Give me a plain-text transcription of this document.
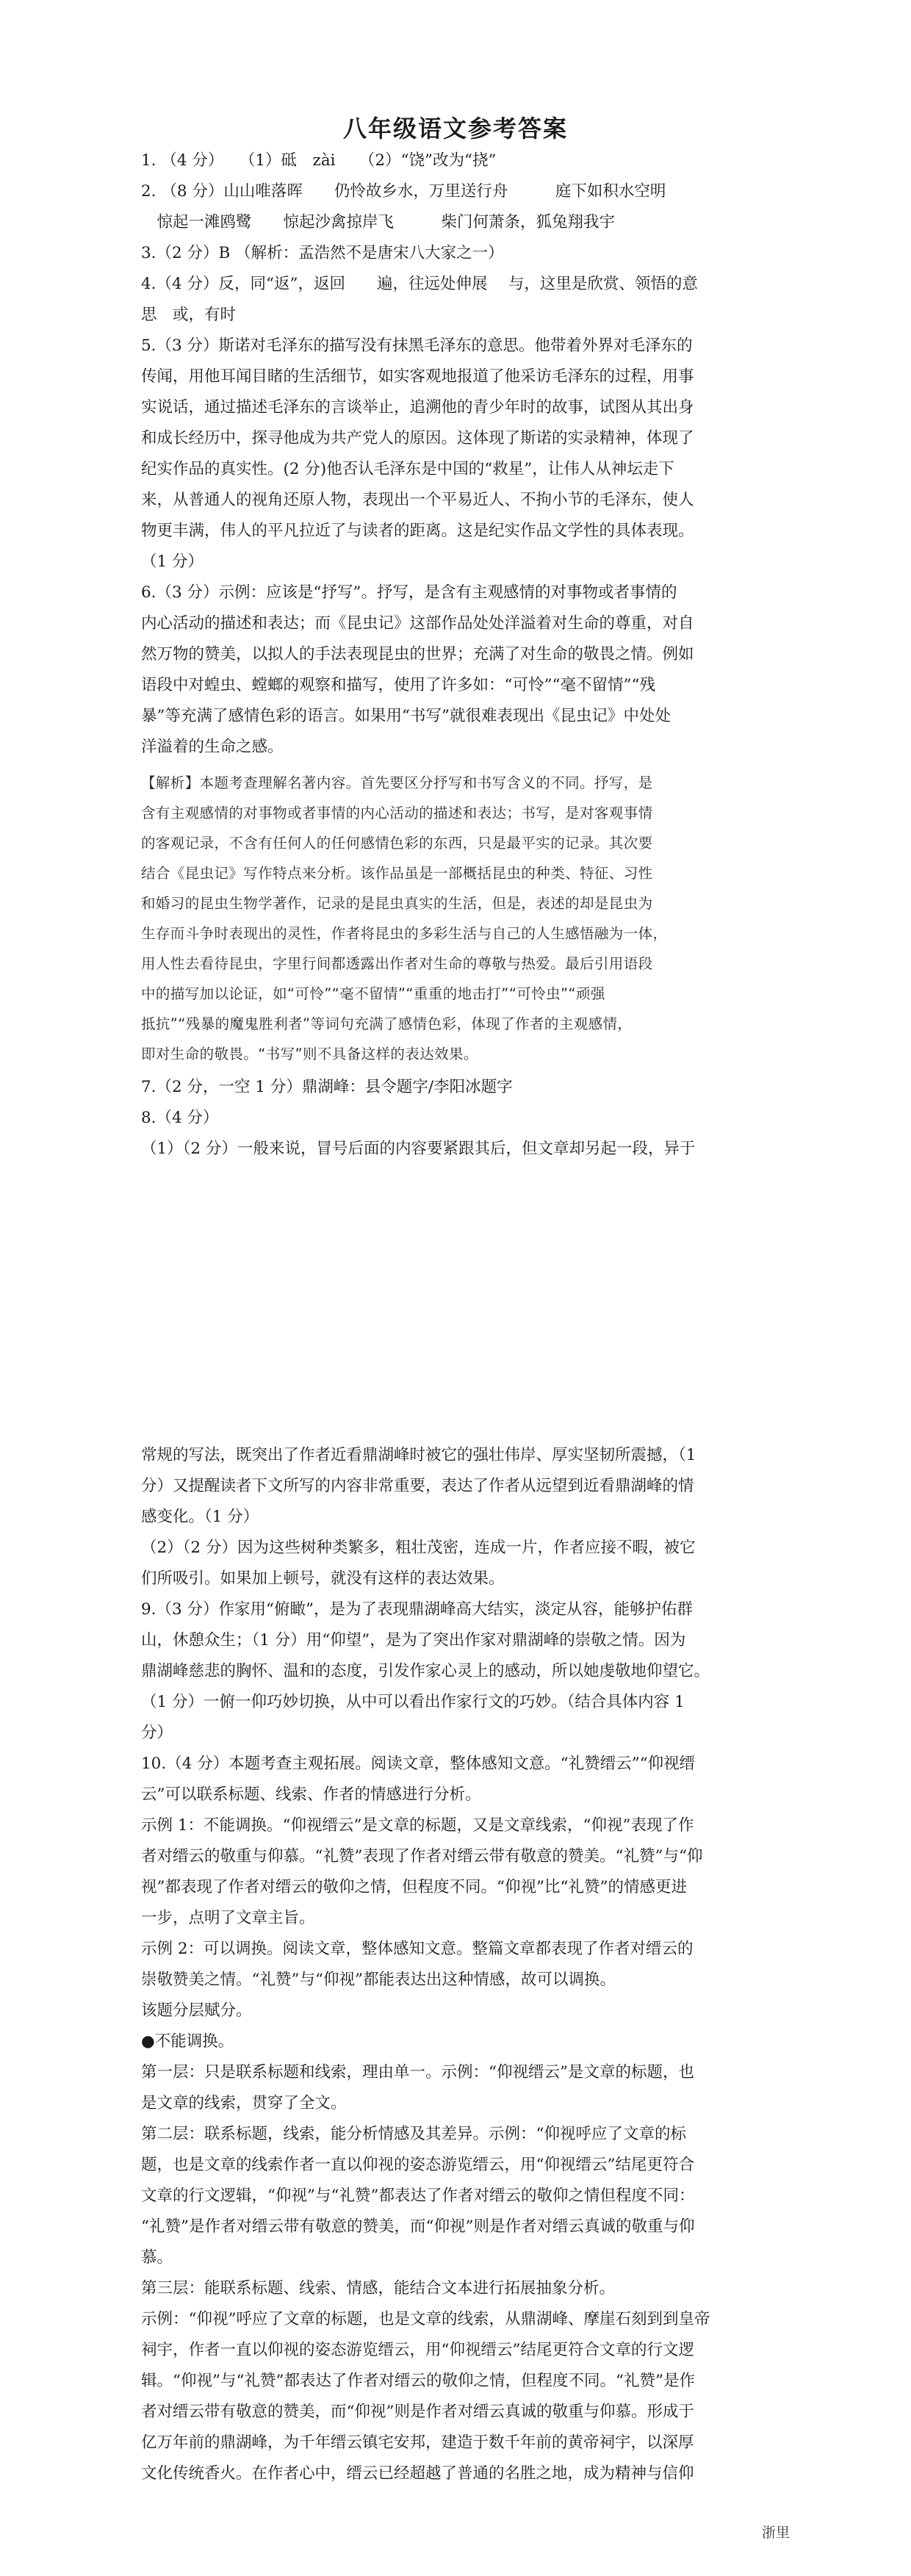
八年级语文参考答案
1. （4 分）　　（1）砥　zài　　（2）“饶”改为“挠”
2. （8 分）山山唯落晖　　仍怜故乡水，万里送行舟　　　庭下如积水空明
　惊起一滩鸥鹭　　惊起沙禽掠岸飞　　　柴门何萧条，狐兔翔我宇
3.（2 分）B （解析：孟浩然不是唐宋八大家之一）
4.（4 分）反，同“返”，返回　　遍，往远处伸展　 与，这里是欣赏、领悟的意
思　或，有时
5.（3 分）斯诺对毛泽东的描写没有抹黑毛泽东的意思。他带着外界对毛泽东的
传闻，用他耳闻目睹的生活细节，如实客观地报道了他采访毛泽东的过程，用事
实说话，通过描述毛泽东的言谈举止，追溯他的青少年时的故事，试图从其出身
和成长经历中，探寻他成为共产党人的原因。这体现了斯诺的实录精神，体现了
纪实作品的真实性。(2 分)他否认毛泽东是中国的“救星”，让伟人从神坛走下
来，从普通人的视角还原人物，表现出一个平易近人、不拘小节的毛泽东，使人
物更丰满，伟人的平凡拉近了与读者的距离。这是纪实作品文学性的具体表现。
（1 分）
6.（3 分）示例：应该是“抒写”。抒写，是含有主观感情的对事物或者事情的
内心活动的描述和表达；而《昆虫记》这部作品处处洋溢着对生命的尊重，对自
然万物的赞美，以拟人的手法表现昆虫的世界；充满了对生命的敬畏之情。例如
语段中对蝗虫、螳螂的观察和描写，使用了许多如：“可怜”“毫不留情”“残
暴”等充满了感情色彩的语言。如果用“书写”就很难表现出《昆虫记》中处处
洋溢着的生命之感。
【解析】本题考查理解名著内容。首先要区分抒写和书写含义的不同。抒写，是
含有主观感情的对事物或者事情的内心活动的描述和表达；书写，是对客观事情
的客观记录，不含有任何人的任何感情色彩的东西，只是最平实的记录。其次要
结合《昆虫记》写作特点来分析。该作品虽是一部概括昆虫的种类、特征、习性
和婚习的昆虫生物学著作，记录的是昆虫真实的生活，但是，表述的却是昆虫为
生存而斗争时表现出的灵性，作者将昆虫的多彩生活与自己的人生感悟融为一体，
用人性去看待昆虫，字里行间都透露出作者对生命的尊敬与热爱。最后引用语段
中的描写加以论证，如“可怜”“毫不留情”“重重的地击打”“可怜虫”“顽强
抵抗”“残暴的魔鬼胜利者”等词句充满了感情色彩，体现了作者的主观感情，
即对生命的敬畏。“书写”则不具备这样的表达效果。
7.（2 分，一空 1 分）鼎湖峰：县令题字/李阳冰题字
8.（4 分）
（1）（2 分）一般来说，冒号后面的内容要紧跟其后，但文章却另起一段，异于
常规的写法，既突出了作者近看鼎湖峰时被它的强壮伟岸、厚实坚韧所震撼，（1
分）又提醒读者下文所写的内容非常重要，表达了作者从远望到近看鼎湖峰的情
感变化。（1 分）
（2）（2 分）因为这些树种类繁多，粗壮茂密，连成一片，作者应接不暇，被它
们所吸引。如果加上顿号，就没有这样的表达效果。
9.（3 分）作家用“俯瞰”，是为了表现鼎湖峰高大结实，淡定从容，能够护佑群
山，休憩众生；（1 分）用“仰望”，是为了突出作家对鼎湖峰的崇敬之情。因为
鼎湖峰慈悲的胸怀、温和的态度，引发作家心灵上的感动，所以她虔敬地仰望它。
（1 分）一俯一仰巧妙切换，从中可以看出作家行文的巧妙。（结合具体内容 1
分）
10.（4 分）本题考查主观拓展。阅读文章，整体感知文意。“礼赞缙云”“仰视缙
云”可以联系标题、线索、作者的情感进行分析。
示例 1：不能调换。“仰视缙云”是文章的标题，又是文章线索，“仰视”表现了作
者对缙云的敬重与仰慕。“礼赞”表现了作者对缙云带有敬意的赞美。“礼赞”与“仰
视”都表现了作者对缙云的敬仰之情，但程度不同。“仰视”比“礼赞”的情感更进
一步，点明了文章主旨。
示例 2：可以调换。阅读文章，整体感知文意。整篇文章都表现了作者对缙云的
崇敬赞美之情。“礼赞”与“仰视”都能表达出这种情感，故可以调换。
该题分层赋分。
●不能调换。
第一层：只是联系标题和线索，理由单一。示例：“仰视缙云”是文章的标题，也
是文章的线索，贯穿了全文。
第二层：联系标题，线索，能分析情感及其差异。示例：“仰视呼应了文章的标
题，也是文章的线索作者一直以仰视的姿态游览缙云，用“仰视缙云”结尾更符合
文章的行文逻辑，“仰视”与“礼赞”都表达了作者对缙云的敬仰之情但程度不同：
“礼赞”是作者对缙云带有敬意的赞美，而“仰视”则是作者对缙云真诚的敬重与仰
慕。
第三层：能联系标题、线索、情感，能结合文本进行拓展抽象分析。
示例：“仰视”呼应了文章的标题，也是文章的线索，从鼎湖峰、摩崖石刻到到皇帝
祠宇，作者一直以仰视的姿态游览缙云，用“仰视缙云”结尾更符合文章的行文逻
辑。“仰视”与“礼赞”都表达了作者对缙云的敬仰之情，但程度不同。“礼赞”是作
者对缙云带有敬意的赞美，而“仰视”则是作者对缙云真诚的敬重与仰慕。形成于
亿万年前的鼎湖峰，为千年缙云镇宅安邦，建造于数千年前的黄帝祠宇，以深厚
文化传统香火。在作者心中，缙云已经超越了普通的名胜之地，成为精神与信仰
浙里
